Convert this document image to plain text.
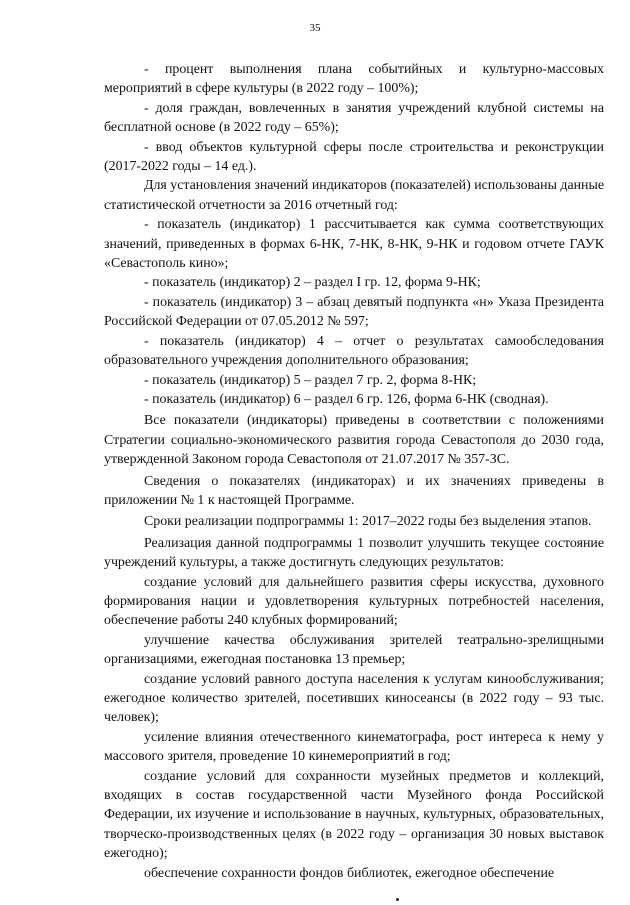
35

- процент выполнения плана событийных и культурно-массовых мероприятий в сфере культуры (в 2022 году – 100%);

- доля граждан, вовлеченных в занятия учреждений клубной системы на бесплатной основе (в 2022 году – 65%);

- ввод объектов культурной сферы после строительства и реконструкции (2017-2022 годы – 14 ед.).

Для установления значений индикаторов (показателей) использованы данные статистической отчетности за 2016 отчетный год:

- показатель (индикатор) 1 рассчитывается как сумма соответствующих значений, приведенных в формах 6-НК, 7-НК, 8-НК, 9-НК и годовом отчете ГАУК «Севастополь кино»;

- показатель (индикатор) 2 – раздел I гр. 12, форма 9-НК;

- показатель (индикатор) 3 – абзац девятый подпункта «н» Указа Президента Российской Федерации от 07.05.2012 № 597;

- показатель (индикатор) 4 – отчет о результатах самообследования образовательного учреждения дополнительного образования;

- показатель (индикатор) 5 – раздел 7 гр. 2, форма 8-НК;

- показатель (индикатор) 6 – раздел 6 гр. 126, форма 6-НК (сводная).

Все показатели (индикаторы) приведены в соответствии с положениями Стратегии социально-экономического развития города Севастополя до 2030 года, утвержденной Законом города Севастополя от 21.07.2017 № 357-ЗС.

Сведения о показателях (индикаторах) и их значениях приведены в приложении № 1 к настоящей Программе.

Сроки реализации подпрограммы 1: 2017–2022 годы без выделения этапов.

Реализация данной подпрограммы 1 позволит улучшить текущее состояние учреждений культуры, а также достигнуть следующих результатов:

создание условий для дальнейшего развития сферы искусства, духовного формирования нации и удовлетворения культурных потребностей населения, обеспечение работы 240 клубных формирований;

улучшение качества обслуживания зрителей театрально-зрелищными организациями, ежегодная постановка 13 премьер;

создание условий равного доступа населения к услугам кинообслуживания; ежегодное количество зрителей, посетивших киносеансы (в 2022 году – 93 тыс. человек);

усиление влияния отечественного кинематографа, рост интереса к нему у массового зрителя, проведение 10 кинемероприятий в год;

создание условий для сохранности музейных предметов и коллекций, входящих в состав государственной части Музейного фонда Российской Федерации, их изучение и использование в научных, культурных, образовательных, творческо-производственных целях (в 2022 году – организация 30 новых выставок ежегодно);

обеспечение сохранности фондов библиотек, ежегодное обеспечение
